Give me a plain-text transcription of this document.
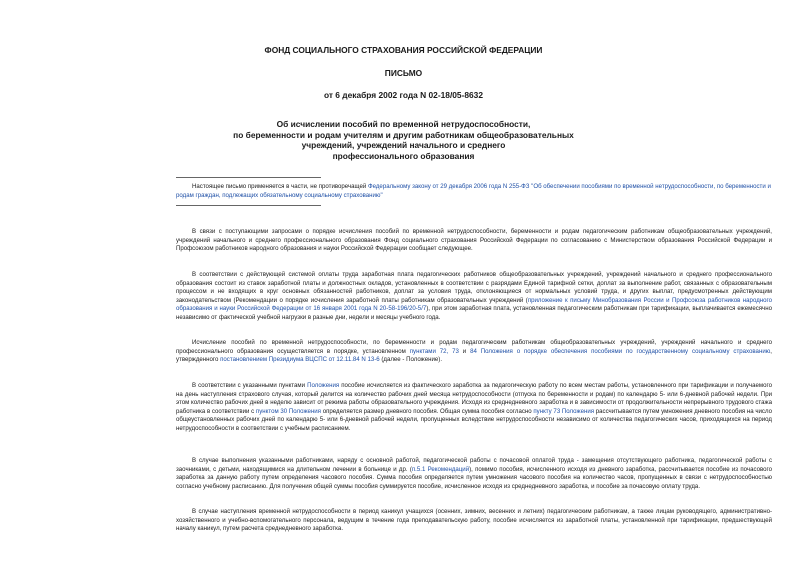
ФОНД СОЦИАЛЬНОГО СТРАХОВАНИЯ РОССИЙСКОЙ ФЕДЕРАЦИИ
ПИСЬМО
от 6 декабря 2002 года N 02-18/05-8632
Об исчислении пособий по временной нетрудоспособности,
по беременности и родам учителям и другим работникам общеобразовательных
учреждений, учреждений начального и среднего
профессионального образования
Настоящее письмо применяется в части, не противоречащей Федеральному закону от 29 декабря 2006 года N 255-ФЗ "Об обеспечении пособиями по временной нетрудоспособности, по беременности и родам граждан, подлежащих обязательному социальному страхованию"
В связи с поступающими запросами о порядке исчисления пособий по временной нетрудоспособности, беременности и родам педагогическим работникам общеобразовательных учреждений, учреждений начального и среднего профессионального образования Фонд социального страхования Российской Федерации по согласованию с Министерством образования Российской Федерации и Профсоюзом работников народного образования и науки Российской Федерации сообщает следующее.
В соответствии с действующей системой оплаты труда заработная плата педагогических работников общеобразовательных учреждений, учреждений начального и среднего профессионального образования состоит из ставок заработной платы и должностных окладов, установленных в соответствии с разрядами Единой тарифной сетки, доплат за выполнение работ, связанных с образовательным процессом и не входящих в круг основных обязанностей работников, доплат за условия труда, отклоняющиеся от нормальных условий труда, и других выплат, предусмотренных действующим законодательством (Рекомендации о порядке исчисления заработной платы работникам образовательных учреждений (приложение к письму Минобразования России и Профсоюза работников народного образования и науки Российской Федерации от 16 января 2001 года N 20-58-196/20-5/7), при этом заработная плата, установленная педагогическим работникам при тарификации, выплачивается ежемесячно независимо от фактической учебной нагрузки в разные дни, недели и месяцы учебного года.
Исчисление пособий по временной нетрудоспособности, по беременности и родам педагогическим работникам общеобразовательных учреждений, учреждений начального и среднего профессионального образования осуществляется в порядке, установленном пунктами 72, 73 и 84 Положения о порядке обеспечения пособиями по государственному социальному страхованию, утвержденного постановлением Президиума ВЦСПС от 12.11.84 N 13-6 (далее - Положение).
В соответствии с указанными пунктами Положения пособие исчисляется из фактического заработка за педагогическую работу по всем местам работы, установленного при тарификации и получаемого на день наступления страхового случая, который делится на количество рабочих дней месяца нетрудоспособности (отпуска по беременности и родам) по календарю 5- или 6-дневной рабочей недели. При этом количество рабочих дней в неделю зависит от режима работы образовательного учреждения. Исходя из среднедневного заработка и в зависимости от продолжительности непрерывного трудового стажа работника в соответствии с пунктом 30 Положения определяется размер дневного пособия. Общая сумма пособия согласно пункту 73 Положения рассчитывается путем умножения дневного пособия на число общеустановленных рабочих дней по календарю 5- или 6-дневной рабочей недели, пропущенных вследствие нетрудоспособности независимо от количества педагогических часов, приходящихся на период нетрудоспособности в соответствии с учебным расписанием.
В случае выполнения указанными работниками, наряду с основной работой, педагогической работы с почасовой оплатой труда - замещения отсутствующего работника, педагогической работы с заочниками, с детьми, находящимися на длительном лечении в больнице и др. (п.5.1 Рекомендаций), помимо пособия, исчисленного исходя из дневного заработка, рассчитывается пособие из почасового заработка за данную работу путем определения часового пособия. Сумма пособия определяется путем умножения часового пособия на количество часов, пропущенных в связи с нетрудоспособностью согласно учебному расписанию. Для получения общей суммы пособия суммируется пособие, исчисленное исходя из среднедневного заработка, и пособие за почасовую оплату труда.
В случае наступления временной нетрудоспособности в период каникул учащихся (осенних, зимних, весенних и летних) педагогическим работникам, а также лицам руководящего, административно-хозяйственного и учебно-вспомогательного персонала, ведущим в течение года преподавательскую работу, пособие исчисляется из заработной платы, установленной при тарификации, предшествующей началу каникул, путем расчета среднедневного заработка.
